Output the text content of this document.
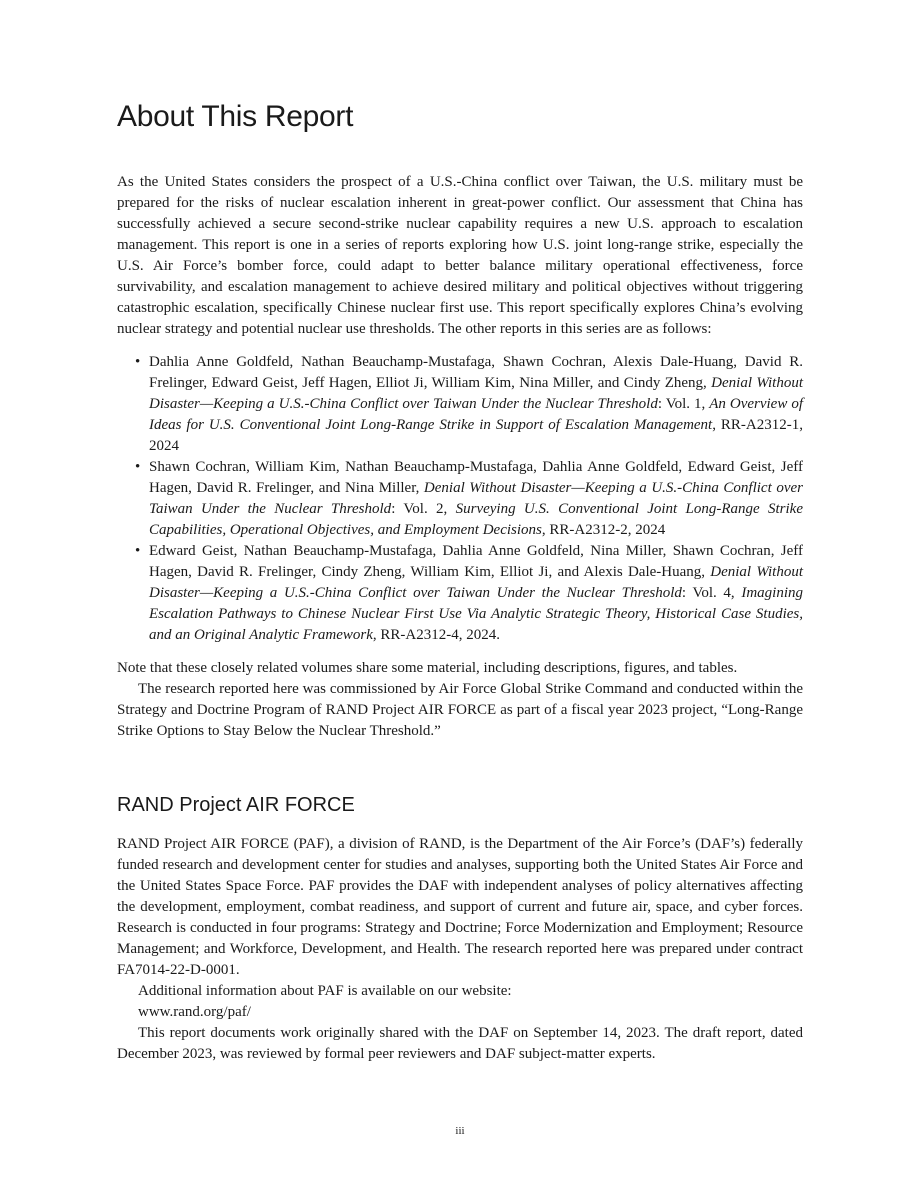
About This Report

As the United States considers the prospect of a U.S.-China conflict over Taiwan, the U.S. military must be prepared for the risks of nuclear escalation inherent in great-power conflict. Our assessment that China has successfully achieved a secure second-strike nuclear capability requires a new U.S. approach to escalation management. This report is one in a series of reports exploring how U.S. joint long-range strike, especially the U.S. Air Force’s bomber force, could adapt to better balance military operational effectiveness, force survivability, and escalation management to achieve desired military and political objectives without triggering catastrophic escalation, specifically Chinese nuclear first use. This report specifically explores China’s evolving nuclear strategy and potential nuclear use thresholds. The other reports in this series are as follows:

• Dahlia Anne Goldfeld, Nathan Beauchamp-Mustafaga, Shawn Cochran, Alexis Dale-Huang, David R. Frelinger, Edward Geist, Jeff Hagen, Elliot Ji, William Kim, Nina Miller, and Cindy Zheng, Denial Without Disaster—Keeping a U.S.-China Conflict over Taiwan Under the Nuclear Threshold: Vol. 1, An Overview of Ideas for U.S. Conventional Joint Long-Range Strike in Support of Escalation Management, RR-A2312-1, 2024
• Shawn Cochran, William Kim, Nathan Beauchamp-Mustafaga, Dahlia Anne Goldfeld, Edward Geist, Jeff Hagen, David R. Frelinger, and Nina Miller, Denial Without Disaster—Keeping a U.S.-China Conflict over Taiwan Under the Nuclear Threshold: Vol. 2, Surveying U.S. Conventional Joint Long-Range Strike Capabilities, Operational Objectives, and Employment Decisions, RR-A2312-2, 2024
• Edward Geist, Nathan Beauchamp-Mustafaga, Dahlia Anne Goldfeld, Nina Miller, Shawn Cochran, Jeff Hagen, David R. Frelinger, Cindy Zheng, William Kim, Elliot Ji, and Alexis Dale-Huang, Denial Without Disaster—Keeping a U.S.-China Conflict over Taiwan Under the Nuclear Threshold: Vol. 4, Imagining Escalation Pathways to Chinese Nuclear First Use Via Analytic Strategic Theory, Historical Case Studies, and an Original Analytic Framework, RR-A2312-4, 2024.

Note that these closely related volumes share some material, including descriptions, figures, and tables.

The research reported here was commissioned by Air Force Global Strike Command and conducted within the Strategy and Doctrine Program of RAND Project AIR FORCE as part of a fiscal year 2023 project, “Long-Range Strike Options to Stay Below the Nuclear Threshold.”

RAND Project AIR FORCE

RAND Project AIR FORCE (PAF), a division of RAND, is the Department of the Air Force’s (DAF’s) federally funded research and development center for studies and analyses, supporting both the United States Air Force and the United States Space Force. PAF provides the DAF with independent analyses of policy alternatives affecting the development, employment, combat readiness, and support of current and future air, space, and cyber forces. Research is conducted in four programs: Strategy and Doctrine; Force Modernization and Employment; Resource Management; and Workforce, Development, and Health. The research reported here was prepared under contract FA7014-22-D-0001.

Additional information about PAF is available on our website:

www.rand.org/paf/

This report documents work originally shared with the DAF on September 14, 2023. The draft report, dated December 2023, was reviewed by formal peer reviewers and DAF subject-matter experts.

iii
